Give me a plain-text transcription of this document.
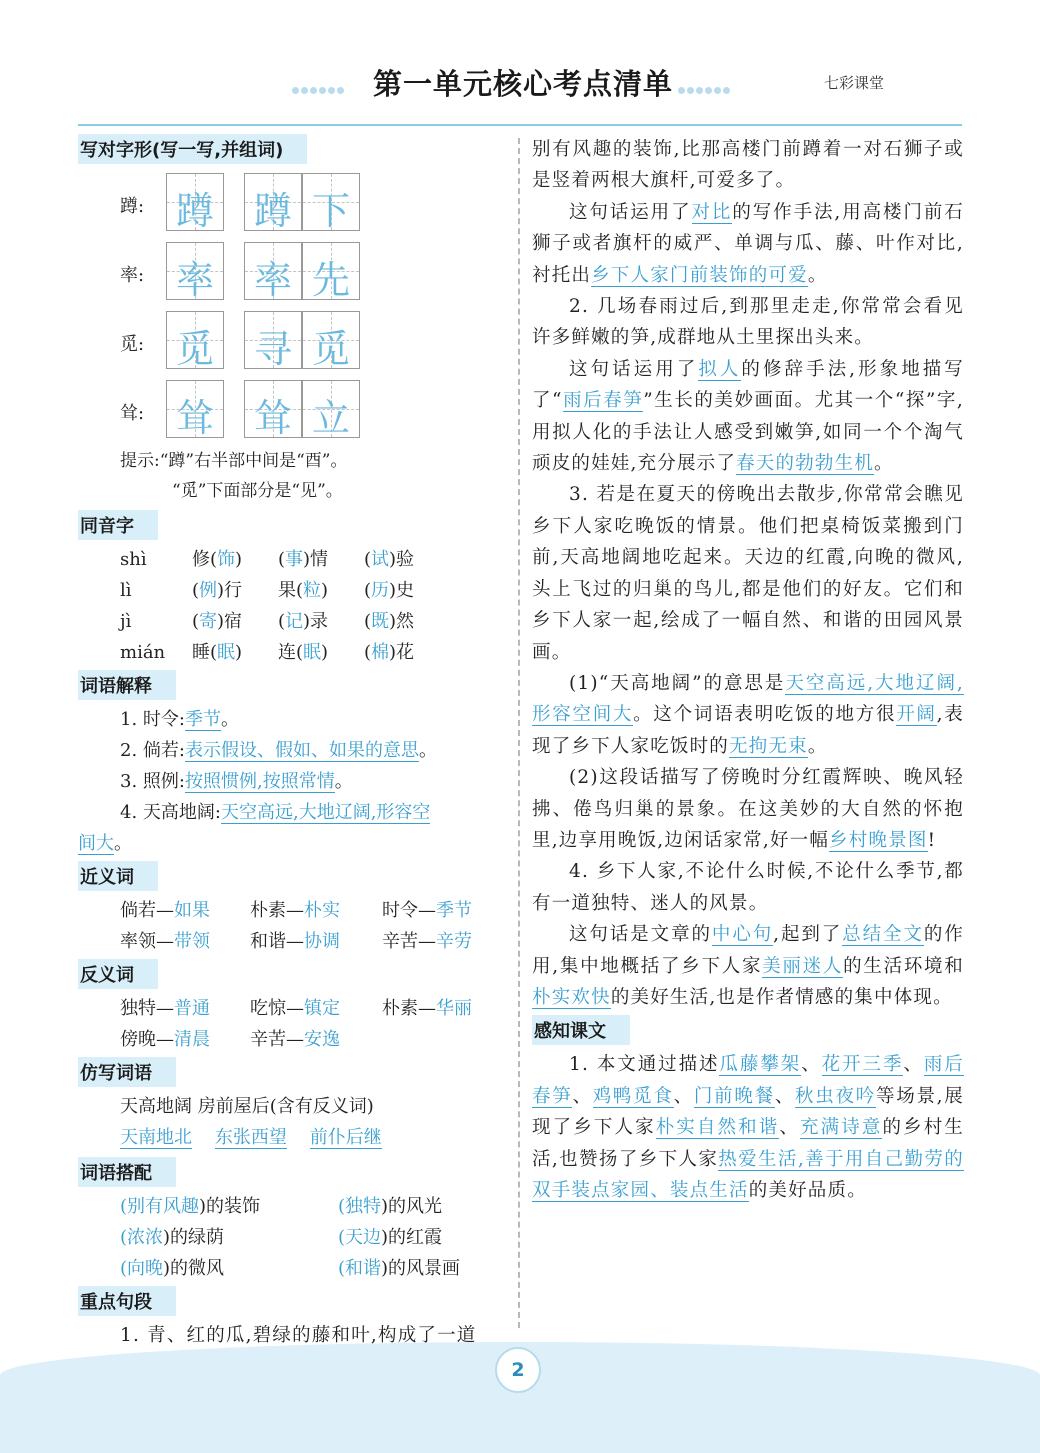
第一单元核心考点清单	七彩课堂
写对字形(写一写,并组词)
蹲: 蹲 蹲 下
率: 率 率 先
觅: 觅 寻 觅
耸: 耸 耸 立
提示:“蹲”右半部中间是“酉”。
“觅”下面部分是“见”。
同音字
shì	修(饰)	(事)情	(试)验
lì	(例)行	果(粒)	(历)史
jì	(寄)宿	(记)录	(既)然
mián	睡(眠)	连(眠)	(棉)花
词语解释
1. 时令:季节。
2. 倘若:表示假设、假如、如果的意思。
3. 照例:按照惯例,按照常情。
4. 天高地阔:天空高远,大地辽阔,形容空
间大。
近义词
倘若—如果	朴素—朴实	时令—季节
率领—带领	和谐—协调	辛苦—辛劳
反义词
独特—普通	吃惊—镇定	朴素—华丽
傍晚—清晨	辛苦—安逸
仿写词语
天高地阔 房前屋后(含有反义词)
天南地北 东张西望 前仆后继
词语搭配
(别有风趣)的装饰	(独特)的风光
(浓浓)的绿荫	(天边)的红霞
(向晚)的微风	(和谐)的风景画
重点句段
1. 青、红的瓜,碧绿的藤和叶,构成了一道
别有风趣的装饰,比那高楼门前蹲着一对石狮子或是竖着两根大旗杆,可爱多了。
这句话运用了对比的写作手法,用高楼门前石狮子或者旗杆的威严、单调与瓜、藤、叶作对比,衬托出乡下人家门前装饰的可爱。
2. 几场春雨过后,到那里走走,你常常会看见许多鲜嫩的笋,成群地从土里探出头来。
这句话运用了拟人的修辞手法,形象地描写了“雨后春笋”生长的美妙画面。尤其一个“探”字,用拟人化的手法让人感受到嫩笋,如同一个个淘气顽皮的娃娃,充分展示了春天的勃勃生机。
3. 若是在夏天的傍晚出去散步,你常常会瞧见乡下人家吃晚饭的情景。他们把桌椅饭菜搬到门前,天高地阔地吃起来。天边的红霞,向晚的微风,头上飞过的归巢的鸟儿,都是他们的好友。它们和乡下人家一起,绘成了一幅自然、和谐的田园风景画。
(1)“天高地阔”的意思是天空高远,大地辽阔,形容空间大。这个词语表明吃饭的地方很开阔,表现了乡下人家吃饭时的无拘无束。
(2)这段话描写了傍晚时分红霞辉映、晚风轻拂、倦鸟归巢的景象。在这美妙的大自然的怀抱里,边享用晚饭,边闲话家常,好一幅乡村晚景图!
4. 乡下人家,不论什么时候,不论什么季节,都有一道独特、迷人的风景。
这句话是文章的中心句,起到了总结全文的作用,集中地概括了乡下人家美丽迷人的生活环境和朴实欢快的美好生活,也是作者情感的集中体现。
感知课文
1. 本文通过描述瓜藤攀架、花开三季、雨后春笋、鸡鸭觅食、门前晚餐、秋虫夜吟等场景,展现了乡下人家朴实自然和谐、充满诗意的乡村生活,也赞扬了乡下人家热爱生活,善于用自己勤劳的双手装点家园、装点生活的美好品质。
2
